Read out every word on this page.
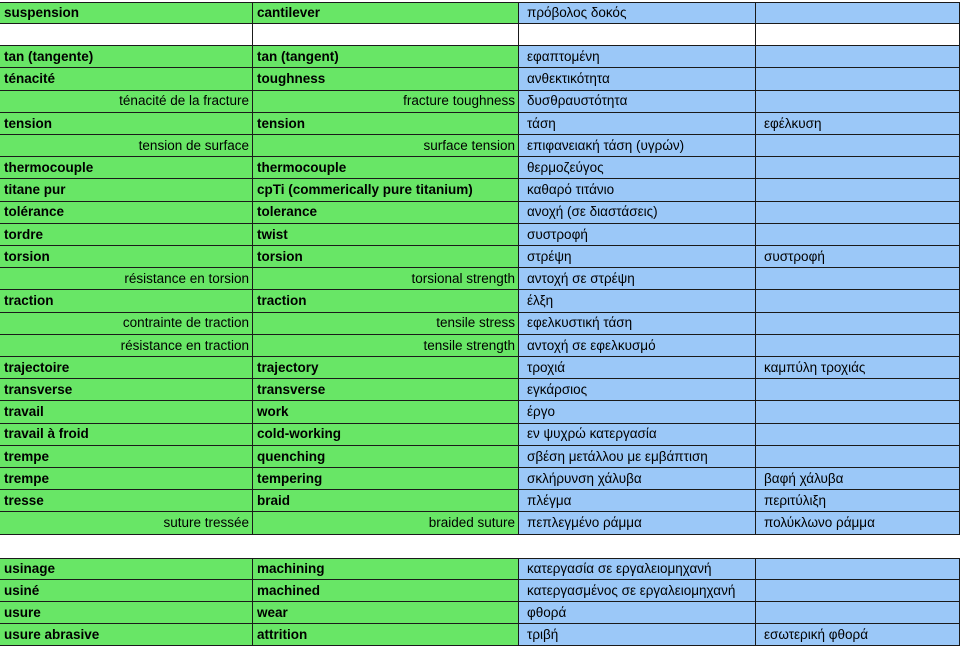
suspension	cantilever	πρόβολος δοκός
tan (tangente)	tan (tangent)	εφαπτομένη
ténacité	toughness	ανθεκτικότητα
ténacité de la fracture	fracture toughness δυσθραυστότητα
tension	tension	τάση	εφέλκυση
tension de surface	surface tension επιφανειακή τάση (υγρών)
thermocouple	thermocouple	θερμοζεύγος
titane pur	cpTi (commerically pure titanium)	καθαρό τιτάνιο
tolérance	tolerance	ανοχή (σε διαστάσεις)
tordre	twist	συστροφή
torsion	torsion	στρέψη	συστροφή
résistance en torsion	torsional strength αντοχή σε στρέψη
traction	traction	έλξη
contrainte de traction	tensile stress εφελκυστική τάση
résistance en traction	tensile strength αντοχή σε εφελκυσμό
trajectoire	trajectory	τροχιά	καμπύλη τροχιάς
transverse	transverse	εγκάρσιος
travail	work	έργο
travail à froid	cold-working	εν ψυχρώ κατεργασία
trempe	quenching	σβέση μετάλλου με εμβάπτιση
trempe	tempering	σκλήρυνση χάλυβα	βαφή χάλυβα
tresse	braid	πλέγμα	περιτύλιξη
suture tressée	braided suture πεπλεγμένο ράμμα	πολύκλωνο ράμμα
usinage	machining	κατεργασία σε εργαλειομηχανή
usiné	machined	κατεργασμένος σε εργαλειομηχανή
usure	wear	φθορά
usure abrasive	attrition	τριβή	εσωτερική φθορά
